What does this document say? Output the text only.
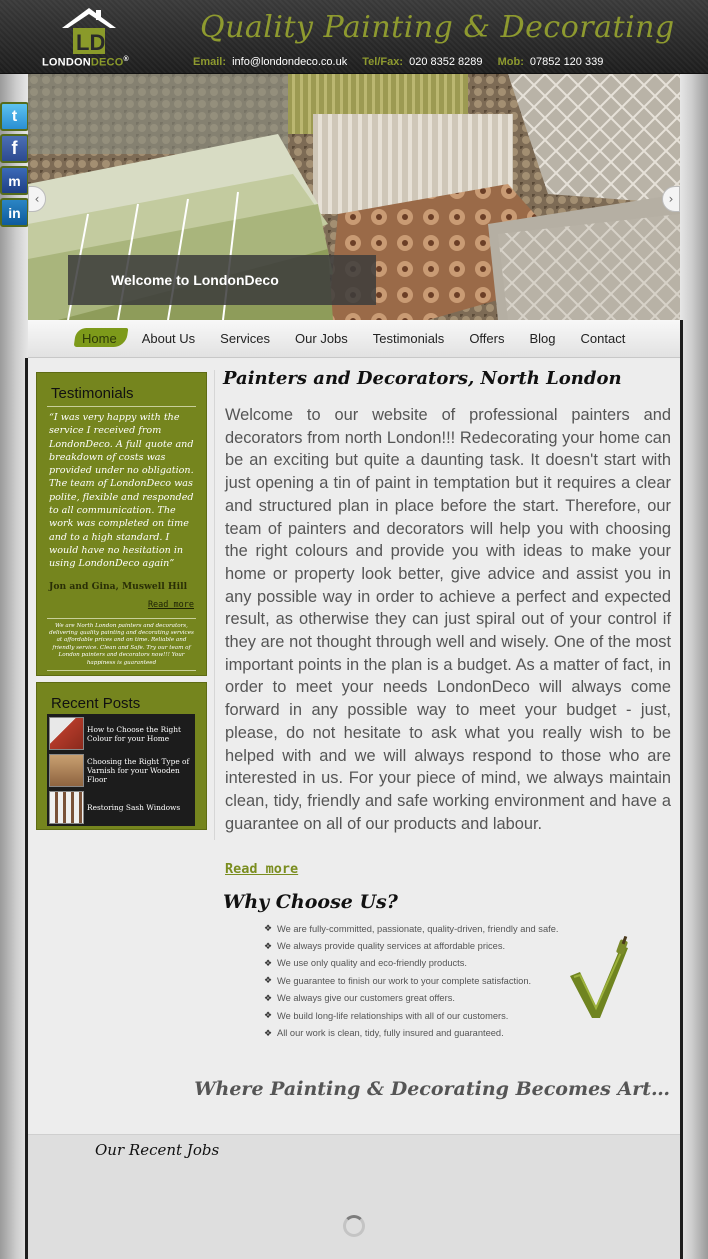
LD
LONDONDECO®
Quality Painting & Decorating
Email: info@londondeco.co.uk Tel/Fax: 020 8352 8289 Mob: 07852 120 339
t
f
m
in
Welcome to LondonDeco
‹	›
Home About Us Services Our Jobs Testimonials Offers Blog Contact
Testimonials
“I was very happy with the service I received from LondonDeco. A full quote and breakdown of costs was provided under no obligation. The team of LondonDeco was polite, flexible and responded to all communication. The work was completed on time and to a high standard. I would have no hesitation in using LondonDeco again”
Jon and Gina, Muswell Hill
Read more
We are North London painters and decorators, delivering quality painting and decorating services at affordable prices and on time. Reliable and friendly service. Clean and Safe. Try our team of London painters and decorators now!!! Your happiness is guaranteed
Recent Posts
How to Choose the Right Colour for your Home
Choosing the Right Type of Varnish for your Wooden Floor
Restoring Sash Windows
Painters and Decorators, North London
Welcome to our website of professional painters and decorators from north London!!! Redecorating your home can be an exciting but quite a daunting task. It doesn't start with just opening a tin of paint in temptation but it requires a clear and structured plan in place before the start. Therefore, our team of painters and decorators will help you with choosing the right colours and provide you with ideas to make your home or property look better, give advice and assist you in any possible way in order to achieve a perfect and expected result, as otherwise they can just spiral out of your control if they are not thought through well and wisely. One of the most important points in the plan is a budget. As a matter of fact, in order to meet your needs LondonDeco will always come forward in any possible way to meet your budget - just, please, do not hesitate to ask what you really wish to be helped with and we will always respond to those who are interested in us. For your piece of mind, we always maintain clean, tidy, friendly and safe working environment and have a guarantee on all of our products and labour.
Read more
Why Choose Us?
❖ We are fully-committed, passionate, quality-driven, friendly and safe.
❖ We always provide quality services at affordable prices.
❖ We use only quality and eco-friendly products.
❖ We guarantee to finish our work to your complete satisfaction.
❖ We always give our customers great offers.
❖ We build long-life relationships with all of our customers.
❖ All our work is clean, tidy, fully insured and guaranteed.
Where Painting & Decorating Becomes Art…
Our Recent Jobs
